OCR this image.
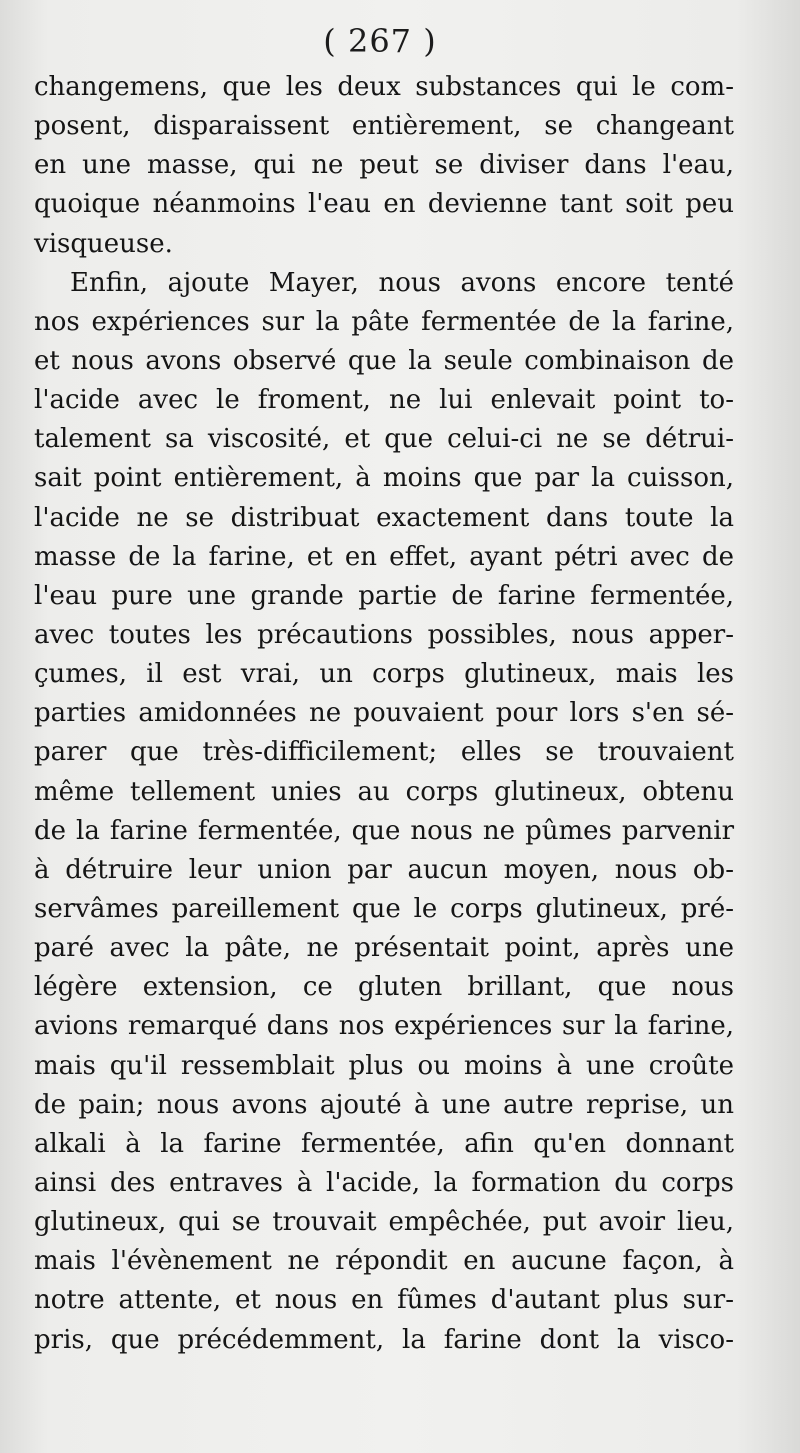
( 267 )
changemens, que les deux substances qui le com-
posent, disparaissent entièrement, se changeant
en une masse, qui ne peut se diviser dans l'eau,
quoique néanmoins l'eau en devienne tant soit peu
visqueuse.
Enfin, ajoute Mayer, nous avons encore tenté
nos expériences sur la pâte fermentée de la farine,
et nous avons observé que la seule combinaison de
l'acide avec le froment, ne lui enlevait point to-
talement sa viscosité, et que celui-ci ne se détrui-
sait point entièrement, à moins que par la cuisson,
l'acide ne se distribuat exactement dans toute la
masse de la farine, et en effet, ayant pétri avec de
l'eau pure une grande partie de farine fermentée,
avec toutes les précautions possibles, nous apper-
çumes, il est vrai, un corps glutineux, mais les
parties amidonnées ne pouvaient pour lors s'en sé-
parer que très-difficilement; elles se trouvaient
même tellement unies au corps glutineux, obtenu
de la farine fermentée, que nous ne pûmes parvenir
à détruire leur union par aucun moyen, nous ob-
servâmes pareillement que le corps glutineux, pré-
paré avec la pâte, ne présentait point, après une
légère extension, ce gluten brillant, que nous
avions remarqué dans nos expériences sur la farine,
mais qu'il ressemblait plus ou moins à une croûte
de pain; nous avons ajouté à une autre reprise, un
alkali à la farine fermentée, afin qu'en donnant
ainsi des entraves à l'acide, la formation du corps
glutineux, qui se trouvait empêchée, put avoir lieu,
mais l'évènement ne répondit en aucune façon, à
notre attente, et nous en fûmes d'autant plus sur-
pris, que précédemment, la farine dont la visco-
